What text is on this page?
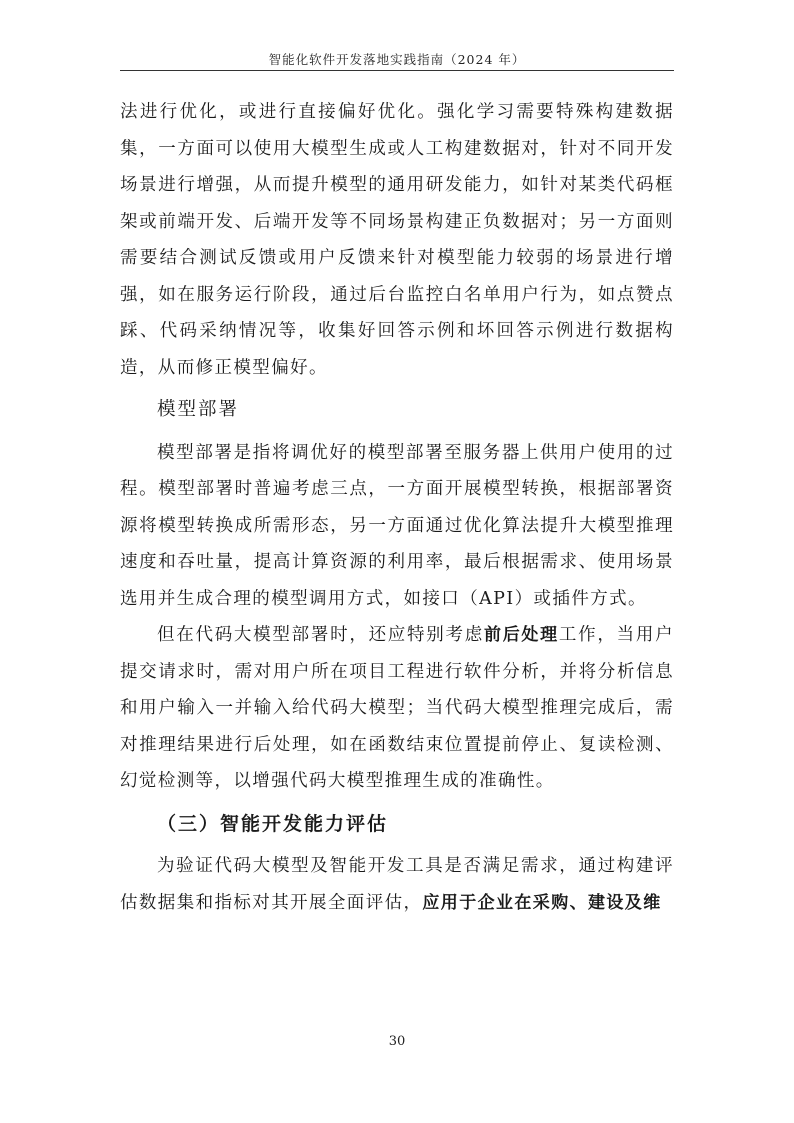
智能化软件开发落地实践指南（2024 年）

法进行优化，或进行直接偏好优化。强化学习需要特殊构建数据集，一方面可以使用大模型生成或人工构建数据对，针对不同开发场景进行增强，从而提升模型的通用研发能力，如针对某类代码框架或前端开发、后端开发等不同场景构建正负数据对；另一方面则需要结合测试反馈或用户反馈来针对模型能力较弱的场景进行增强，如在服务运行阶段，通过后台监控白名单用户行为，如点赞点踩、代码采纳情况等，收集好回答示例和坏回答示例进行数据构造，从而修正模型偏好。

模型部署

模型部署是指将调优好的模型部署至服务器上供用户使用的过程。模型部署时普遍考虑三点，一方面开展模型转换，根据部署资源将模型转换成所需形态，另一方面通过优化算法提升大模型推理速度和吞吐量，提高计算资源的利用率，最后根据需求、使用场景选用并生成合理的模型调用方式，如接口（API）或插件方式。

但在代码大模型部署时，还应特别考虑前后处理工作，当用户提交请求时，需对用户所在项目工程进行软件分析，并将分析信息和用户输入一并输入给代码大模型；当代码大模型推理完成后，需对推理结果进行后处理，如在函数结束位置提前停止、复读检测、幻觉检测等，以增强代码大模型推理生成的准确性。

（三）智能开发能力评估

为验证代码大模型及智能开发工具是否满足需求，通过构建评估数据集和指标对其开展全面评估，应用于企业在采购、建设及维

30
